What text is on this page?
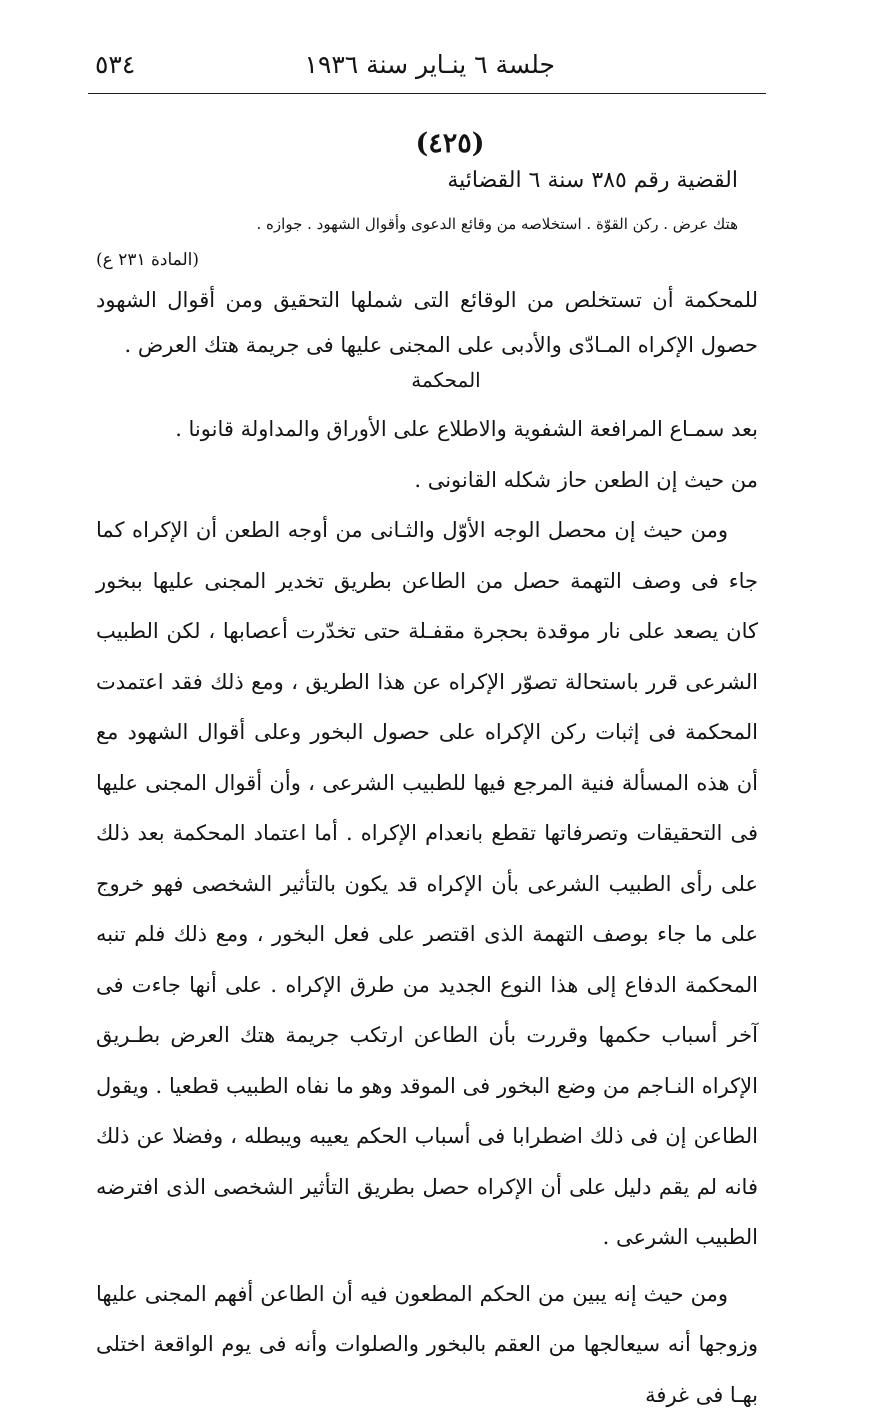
جلسة ٦ ينـاير سنة ١٩٣٦
٥٣٤
(٤٢٥)
القضية رقم ٣٨٥ سنة ٦ القضائية
هتك عرض . ركن القوّة . استخلاصه من وقائع الدعوى وأقوال الشهود . جوازه .
(المادة ٢٣١ ع)
للمحكمة أن تستخلص من الوقائع التى شملها التحقيق ومن أقوال الشهود حصول الإكراه المـادّى والأدبى على المجنى عليها فى جريمة هتك العرض .
المحكمة

بعد سمـاع المرافعة الشفوية والاطلاع على الأوراق والمداولة قانونا .

من حيث إن الطعن حاز شكله القانونى .

ومن حيث إن محصل الوجه الأوّل والثـانى من أوجه الطعن أن الإكراه كما جاء فى وصف التهمة حصل من الطاعن بطريق تخدير المجنى عليها ببخور كان يصعد على نار موقدة بحجرة مقفـلة حتى تخدّرت أعصابها ، لكن الطبيب الشرعى قرر باستحالة تصوّر الإكراه عن هذا الطريق ، ومع ذلك فقد اعتمدت المحكمة فى إثبات ركن الإكراه على حصول البخور وعلى أقوال الشهود مع أن هذه المسألة فنية المرجع فيها للطبيب الشرعى ، وأن أقوال المجنى عليها فى التحقيقات وتصرفاتها تقطع بانعدام الإكراه . أما اعتماد المحكمة بعد ذلك على رأى الطبيب الشرعى بأن الإكراه قد يكون بالتأثير الشخصى فهو خروج على ما جاء بوصف التهمة الذى اقتصر على فعل البخور ، ومع ذلك فلم تنبه المحكمة الدفاع إلى هذا النوع الجديد من طرق الإكراه . على أنها جاءت فى آخر أسباب حكمها وقررت بأن الطاعن ارتكب جريمة هتك العرض بطـريق الإكراه النـاجم من وضع البخور فى الموقد وهو ما نفاه الطبيب قطعيا . ويقول الطاعن إن فى ذلك اضطرابا فى أسباب الحكم يعيبه ويبطله ، وفضلا عن ذلك فانه لم يقم دليل على أن الإكراه حصل بطريق التأثير الشخصى الذى افترضه الطبيب الشرعى .

ومن حيث إنه يبين من الحكم المطعون فيه أن الطاعن أفهم المجنى عليها وزوجها أنه سيعالجها من العقم بالبخور والصلوات وأنه فى يوم الواقعة اختلى بهـا فى غرفة
